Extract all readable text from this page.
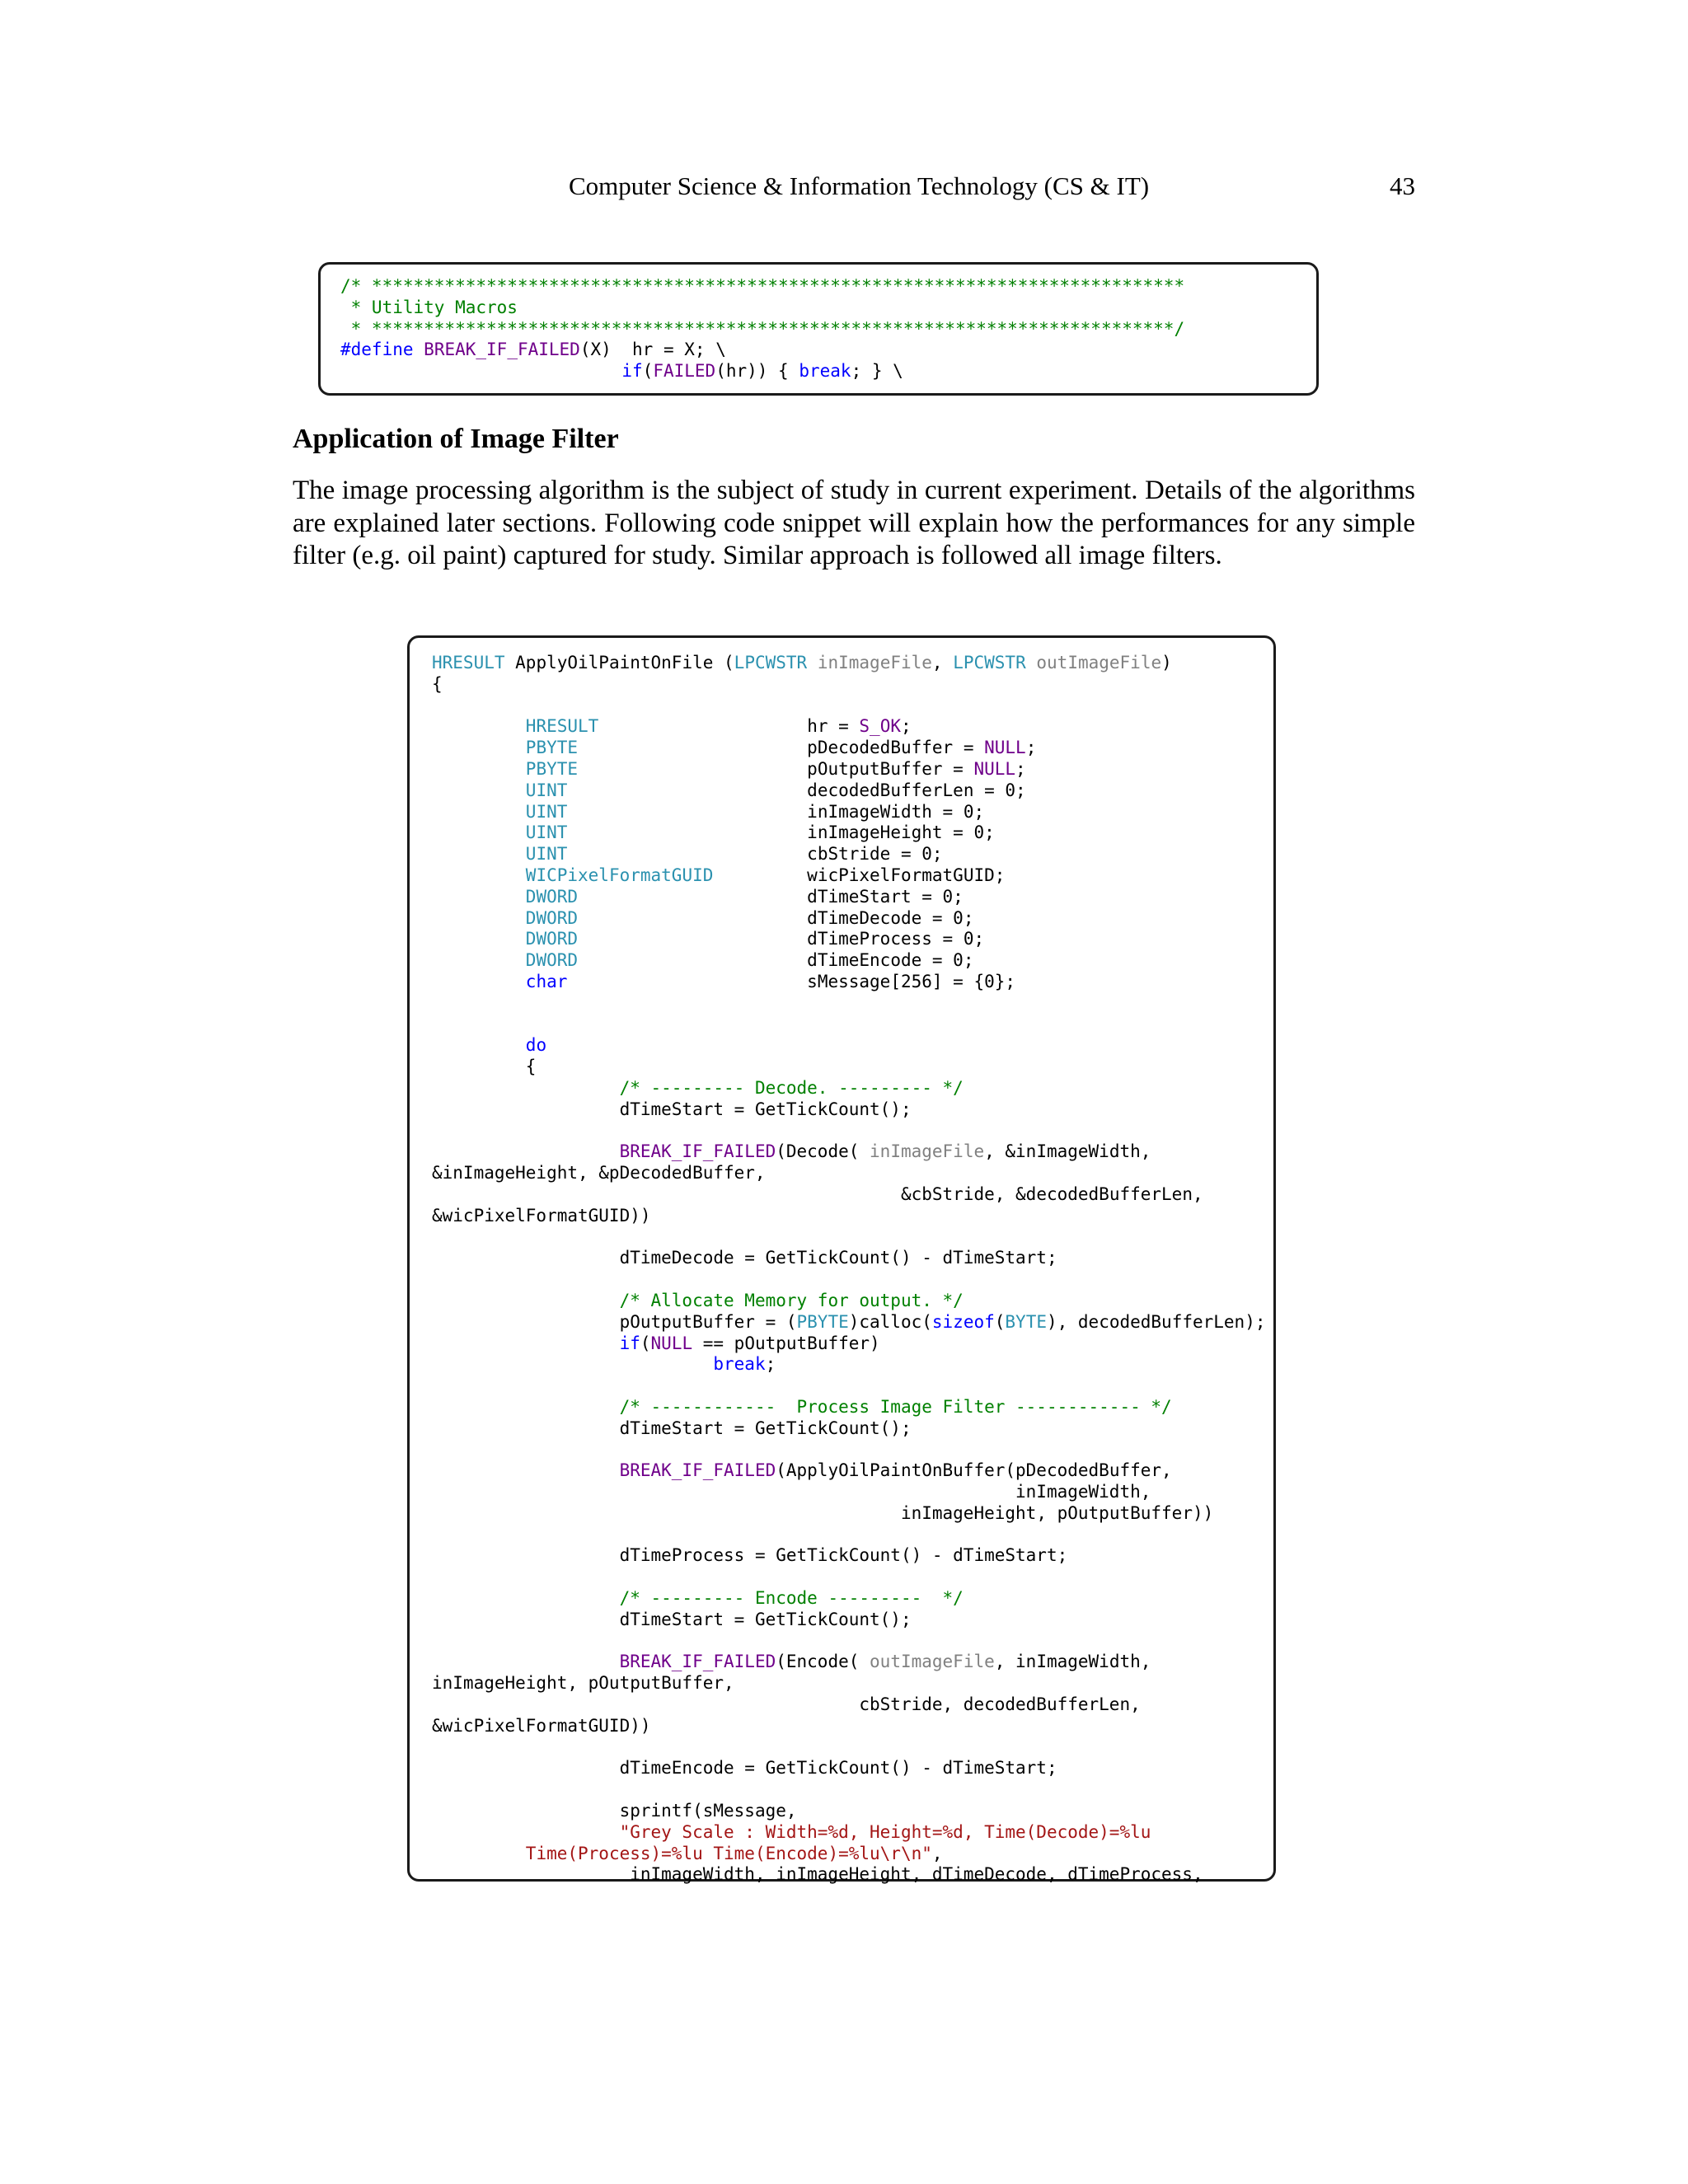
Computer Science & Information Technology (CS & IT)	43
/* ******************************************************************************
* Utility Macros
* *****************************************************************************/
#define BREAK_IF_FAILED(X)  hr = X; \
if(FAILED(hr)) { break; } \
Application of Image Filter

The image processing algorithm is the subject of study in current experiment. Details of the algorithms are explained later sections. Following code snippet will explain how the performances for any simple filter (e.g. oil paint) captured for study. Similar approach is followed all image filters.

HRESULT ApplyOilPaintOnFile (LPCWSTR inImageFile, LPCWSTR outImageFile)
{

HRESULT	hr = S_OK;
PBYTE	pDecodedBuffer = NULL;
PBYTE	pOutputBuffer = NULL;
UINT	decodedBufferLen = 0;
UINT	inImageWidth = 0;
UINT	inImageHeight = 0;
UINT	cbStride = 0;
WICPixelFormatGUID	wicPixelFormatGUID;
DWORD	dTimeStart = 0;
DWORD	dTimeDecode = 0;
DWORD	dTimeProcess = 0;
DWORD	dTimeEncode = 0;
char	sMessage[256] = {0};

do
{
/* --------- Decode. --------- */
dTimeStart = GetTickCount();

BREAK_IF_FAILED(Decode( inImageFile, &inImageWidth,
&inImageHeight, &pDecodedBuffer,
&cbStride, &decodedBufferLen,
&wicPixelFormatGUID))

dTimeDecode = GetTickCount() - dTimeStart;

/* Allocate Memory for output. */
pOutputBuffer = (PBYTE)calloc(sizeof(BYTE), decodedBufferLen);
if(NULL == pOutputBuffer)
break;

/* ------------  Process Image Filter ------------ */
dTimeStart = GetTickCount();

BREAK_IF_FAILED(ApplyOilPaintOnBuffer(pDecodedBuffer,
inImageWidth,
inImageHeight, pOutputBuffer))

dTimeProcess = GetTickCount() - dTimeStart;

/* --------- Encode ---------  */
dTimeStart = GetTickCount();

BREAK_IF_FAILED(Encode( outImageFile, inImageWidth,
inImageHeight, pOutputBuffer,
cbStride, decodedBufferLen,
&wicPixelFormatGUID))

dTimeEncode = GetTickCount() - dTimeStart;

sprintf(sMessage,
"Grey Scale : Width=%d, Height=%d, Time(Decode)=%lu
Time(Process)=%lu Time(Encode)=%lu\r\n",
inImageWidth, inImageHeight, dTimeDecode, dTimeProcess,
